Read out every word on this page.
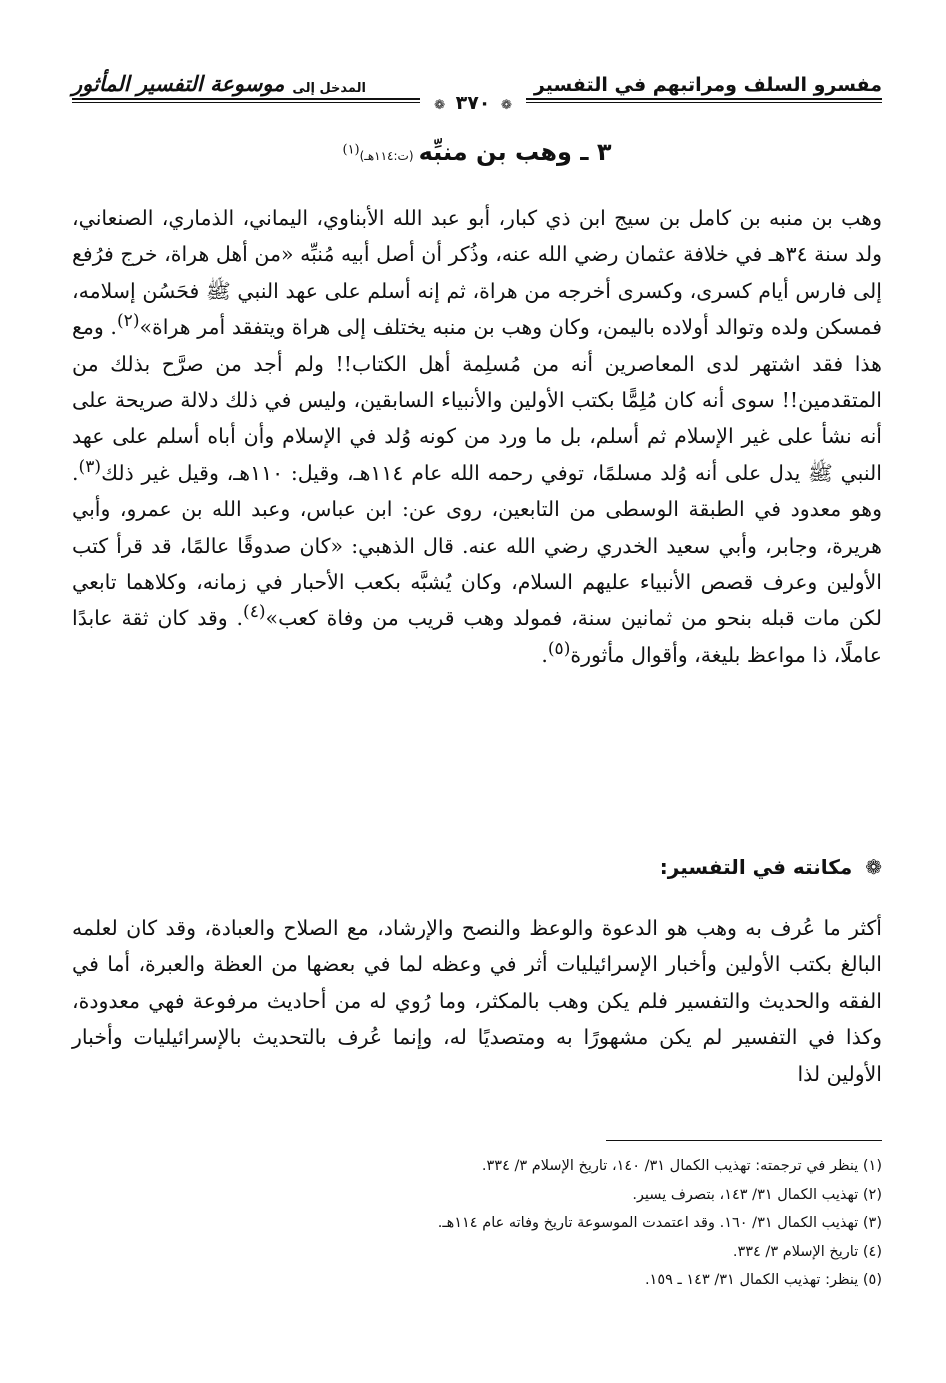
المدخل إلى
موسوعة التفسير المأثور	مفسرو السلف ومراتبهم في التفسير
❁ ٣٧٠ ❁
٣ ـ وهب بن منبِّه (ت:١١٤هـ)$^{(١)}$
وهب بن منبه بن كامل بن سيج ابن ذي كبار، أبو عبد الله الأبناوي، اليماني، الذماري، الصنعاني، ولد سنة ٣٤هـ في خلافة عثمان رضي الله عنه، وذُكر أن أصل أبيه مُنبِّه «من أهل هراة، خرج فرُفع إلى فارس أيام كسرى، وكسرى أخرجه من هراة، ثم إنه أسلم على عهد النبي ﷺ فحَسُن إسلامه، فمسكن ولده وتوالد أولاده باليمن، وكان وهب بن منبه يختلف إلى هراة ويتفقد أمر هراة»$^{(٢)}$. ومع هذا فقد اشتهر لدى المعاصرين أنه من مُسلِمة أهل الكتاب!! ولم أجد من صرَّح بذلك من المتقدمين!! سوى أنه كان مُلِمًّا بكتب الأولين والأنبياء السابقين، وليس في ذلك دلالة صريحة على أنه نشأ على غير الإسلام ثم أسلم، بل ما ورد من كونه وُلد في الإسلام وأن أباه أسلم على عهد النبي ﷺ يدل على أنه وُلد مسلمًا، توفي رحمه الله عام ١١٤هـ، وقيل: ١١٠هـ، وقيل غير ذلك$^{(٣)}$. وهو معدود في الطبقة الوسطى من التابعين، روى عن: ابن عباس، وعبد الله بن عمرو، وأبي هريرة، وجابر، وأبي سعيد الخدري رضي الله عنه. قال الذهبي: «كان صدوقًا عالمًا، قد قرأ كتب الأولين وعرف قصص الأنبياء عليهم السلام، وكان يُشبَّه بكعب الأحبار في زمانه، وكلاهما تابعي لكن مات قبله بنحو من ثمانين سنة، فمولد وهب قريب من وفاة كعب»$^{(٤)}$. وقد كان ثقة عابدًا عاملًا، ذا مواعظ بليغة، وأقوال مأثورة$^{(٥)}$.
❁ مكانته في التفسير:
أكثر ما عُرف به وهب هو الدعوة والوعظ والنصح والإرشاد، مع الصلاح والعبادة، وقد كان لعلمه البالغ بكتب الأولين وأخبار الإسرائيليات أثر في وعظه لما في بعضها من العظة والعبرة، أما في الفقه والحديث والتفسير فلم يكن وهب بالمكثر، وما رُوي له من أحاديث مرفوعة فهي معدودة، وكذا في التفسير لم يكن مشهورًا به ومتصديًا له، وإنما عُرف بالتحديث بالإسرائيليات وأخبار الأولين لذا
(١) ينظر في ترجمته: تهذيب الكمال ٣١/ ١٤٠، تاريخ الإسلام ٣/ ٣٣٤.
(٢) تهذيب الكمال ٣١/ ١٤٣، بتصرف يسير.
(٣) تهذيب الكمال ٣١/ ١٦٠. وقد اعتمدت الموسوعة تاريخ وفاته عام ١١٤هـ.
(٤) تاريخ الإسلام ٣/ ٣٣٤.
(٥) ينظر: تهذيب الكمال ٣١/ ١٤٣ ـ ١٥٩.
